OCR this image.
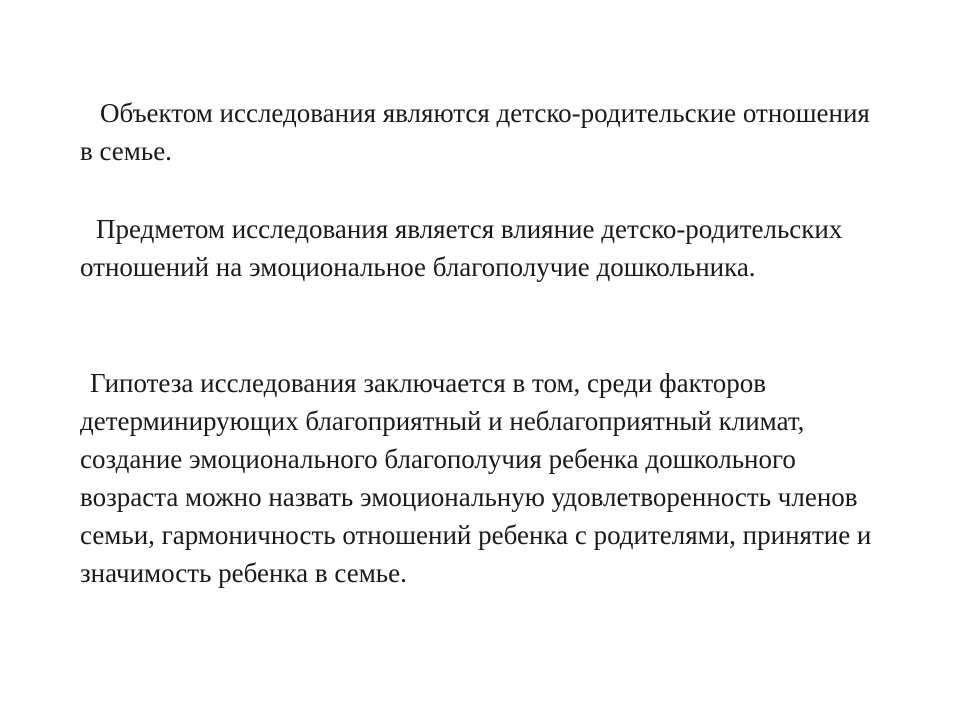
Объектом исследования являются детско-родительские отношения в семье.

Предметом исследования является влияние детско-родительских отношений на эмоциональное благополучие дошкольника.

Гипотеза исследования заключается в том, среди факторов детерминирующих благоприятный и неблагоприятный климат, создание эмоционального благополучия ребенка дошкольного возраста можно назвать эмоциональную удовлетворенность членов семьи, гармоничность отношений ребенка с родителями, принятие и значимость ребенка в семье.
